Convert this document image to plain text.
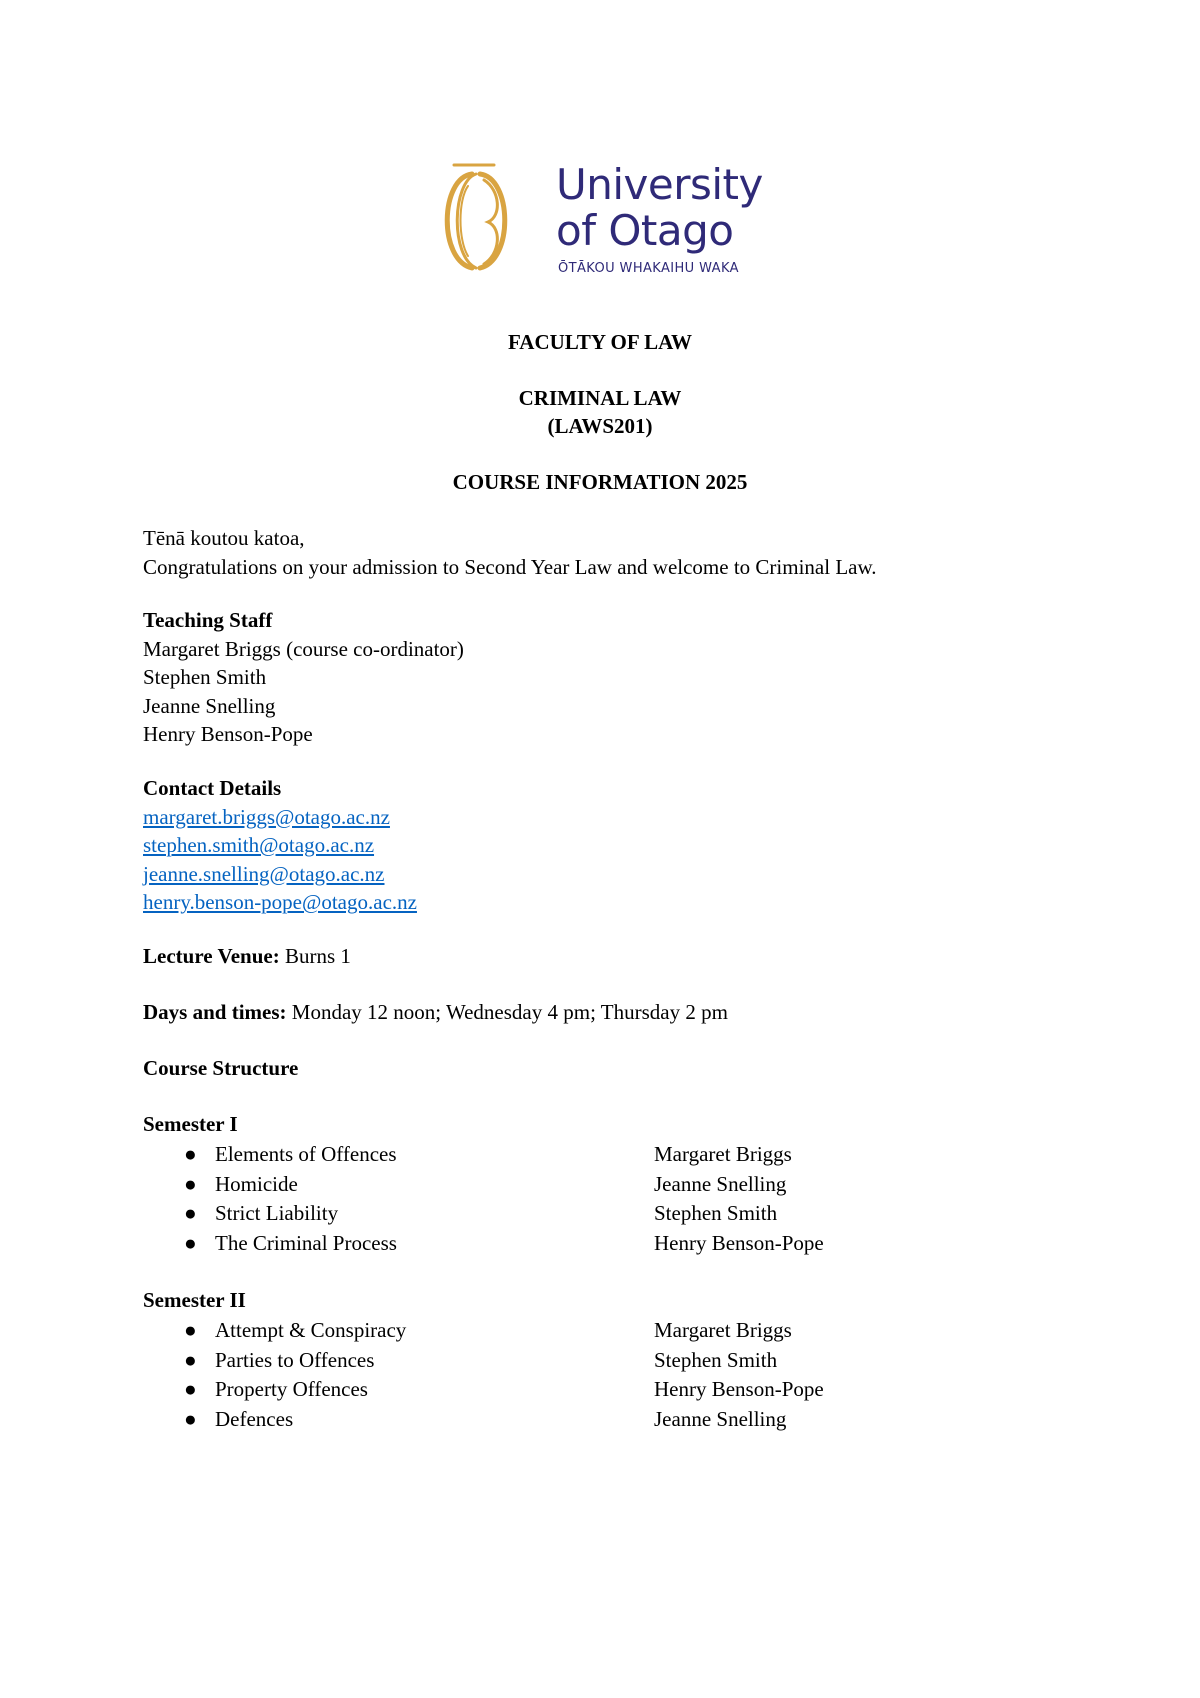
University
of Otago
ŌTĀKOU WHAKAIHU WAKA
FACULTY OF LAW
CRIMINAL LAW
(LAWS201)
COURSE INFORMATION 2025
Tēnā koutou katoa,
Congratulations on your admission to Second Year Law and welcome to Criminal Law.
Teaching Staff
Margaret Briggs (course co-ordinator)
Stephen Smith
Jeanne Snelling
Henry Benson-Pope
Contact Details
margaret.briggs@otago.ac.nz
stephen.smith@otago.ac.nz
jeanne.snelling@otago.ac.nz
henry.benson-pope@otago.ac.nz
Lecture Venue: Burns 1
Days and times: Monday 12 noon; Wednesday 4 pm; Thursday 2 pm
Course Structure
Semester I
● Elements of Offences	Margaret Briggs
● Homicide	Jeanne Snelling
● Strict Liability	Stephen Smith
● The Criminal Process	Henry Benson-Pope
Semester II
● Attempt & Conspiracy	Margaret Briggs
● Parties to Offences	Stephen Smith
● Property Offences	Henry Benson-Pope
● Defences	Jeanne Snelling
